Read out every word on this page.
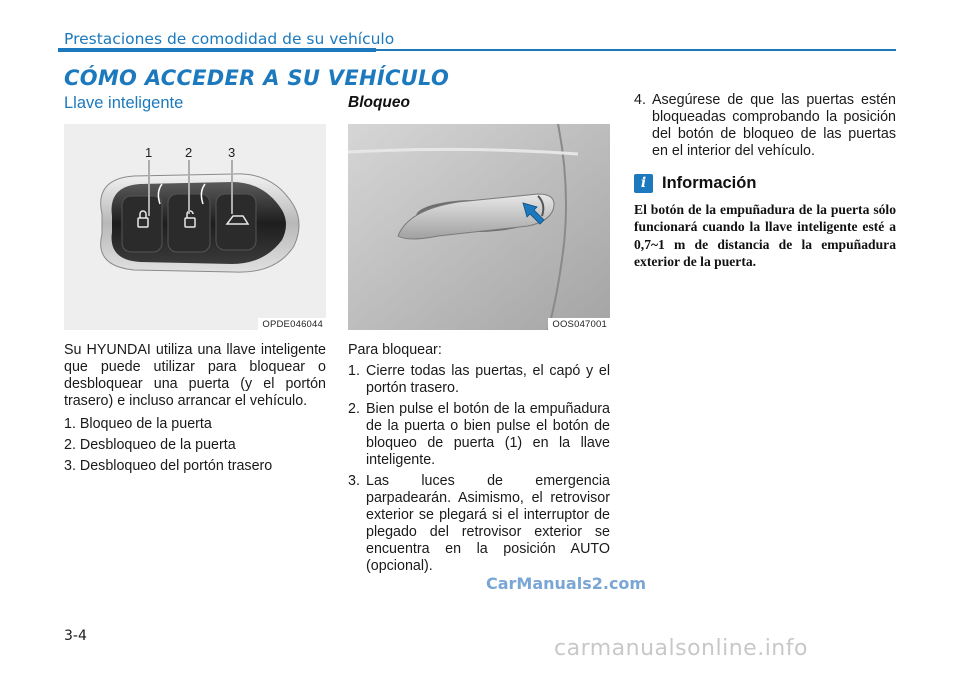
Prestaciones de comodidad de su vehículo
CÓMO ACCEDER A SU VEHÍCULO
Llave inteligente
1	2	3
OPDE046044

Su HYUNDAI utiliza una llave inteligente que puede utilizar para bloquear o desbloquear una puerta (y el portón trasero) e incluso arrancar el vehículo.

1. Bloqueo de la puerta
2. Desbloqueo de la puerta
3. Desbloqueo del portón trasero
Bloqueo
OOS047001

Para bloquear:

1. Cierre todas las puertas, el capó y el portón trasero.
2. Bien pulse el botón de la empuñadura de la puerta o bien pulse el botón de bloqueo de puerta (1) en la llave inteligente.
3. Las luces de emergencia parpadearán. Asimismo, el retrovisor exterior se plegará si el interruptor de plegado del retrovisor exterior se encuentra en la posición AUTO (opcional).
4. Asegúrese de que las puertas estén bloqueadas comprobando la posición del botón de bloqueo de las puertas en el interior del vehículo.
i Información
El botón de la empuñadura de la puerta sólo funcionará cuando la llave inteligente esté a 0,7~1 m de distancia de la empuñadura exterior de la puerta.
3-4
CarManuals2.com
carmanualsonline.info
